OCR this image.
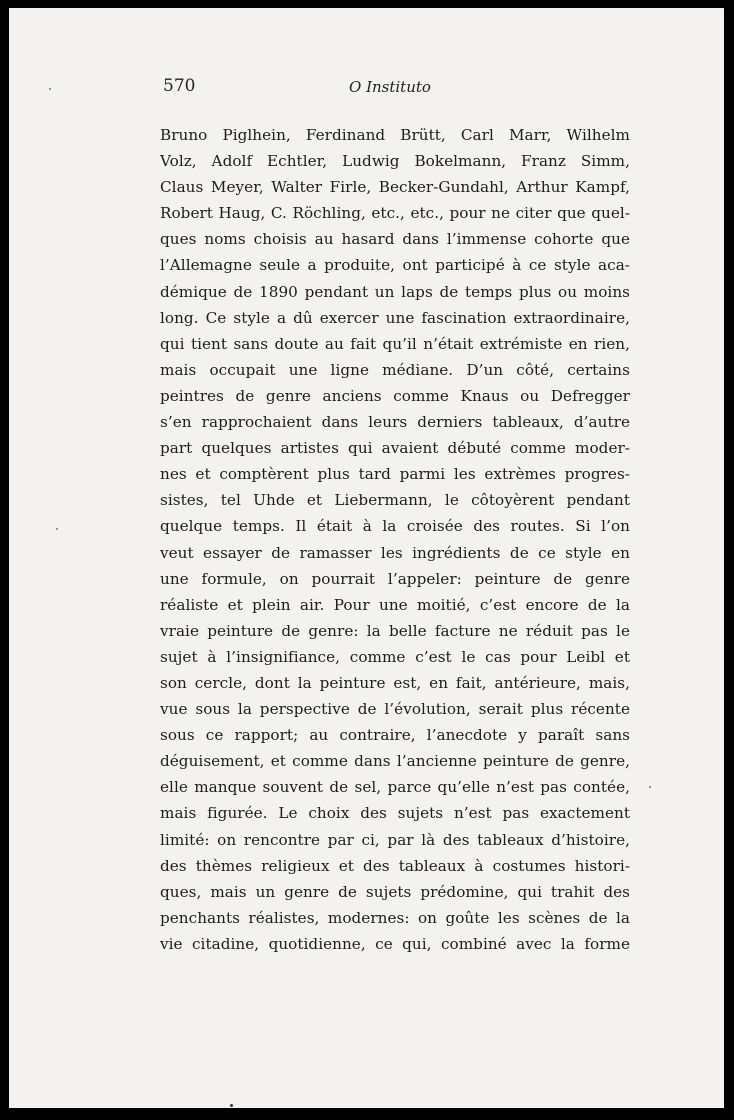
570	O Instituto
Bruno Piglhein, Ferdinand Brütt, Carl Marr, Wilhelm
Volz, Adolf Echtler, Ludwig Bokelmann, Franz Simm,
Claus Meyer, Walter Firle, Becker-Gundahl, Arthur Kampf,
Robert Haug, C. Röchling, etc., etc., pour ne citer que quel-
ques noms choisis au hasard dans l’immense cohorte que
l’Allemagne seule a produite, ont participé à ce style aca-
démique de 1890 pendant un laps de temps plus ou moins
long. Ce style a dû exercer une fascination extraordinaire,
qui tient sans doute au fait qu’il n’était extrémiste en rien,
mais occupait une ligne médiane. D’un côté, certains
peintres de genre anciens comme Knaus ou Defregger
s’en rapprochaient dans leurs derniers tableaux, d’autre
part quelques artistes qui avaient débuté comme moder-
nes et comptèrent plus tard parmi les extrèmes progres-
sistes, tel Uhde et Liebermann, le côtoyèrent pendant
quelque temps. Il était à la croisée des routes. Si l’on
veut essayer de ramasser les ingrédients de ce style en
une formule, on pourrait l’appeler: peinture de genre
réaliste et plein air. Pour une moitié, c’est encore de la
vraie peinture de genre: la belle facture ne réduit pas le
sujet à l’insignifiance, comme c’est le cas pour Leibl et
son cercle, dont la peinture est, en fait, antérieure, mais,
vue sous la perspective de l’évolution, serait plus récente
sous ce rapport; au contraire, l’anecdote y paraît sans
déguisement, et comme dans l’ancienne peinture de genre,
elle manque souvent de sel, parce qu’elle n’est pas contée,
mais figurée. Le choix des sujets n’est pas exactement
limité: on rencontre par ci, par là des tableaux d’histoire,
des thèmes religieux et des tableaux à costumes histori-
ques, mais un genre de sujets prédomine, qui trahit des
penchants réalistes, modernes: on goûte les scènes de la
vie citadine, quotidienne, ce qui, combiné avec la forme
